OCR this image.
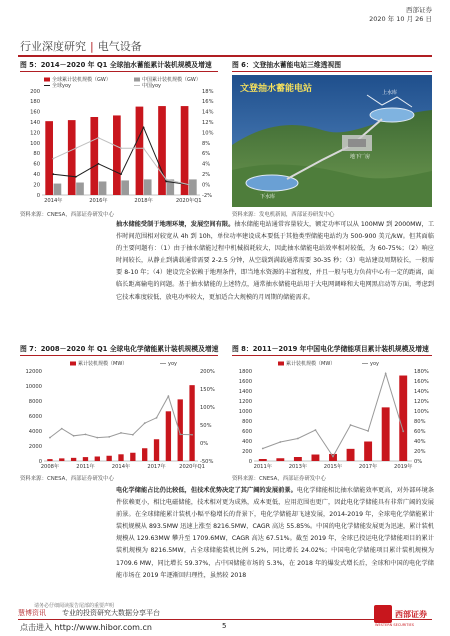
西部证券
2020 年 10 月 26 日
行业深度研究 | 电气设备
图 5：2014－2020 年 Q1 全球抽水蓄能累计装机规模及增速
0
20
40
60
80
100
120
140
160
180
200
-2%
0%
2%
4%
6%
8%
10%
12%
14%
16%
18%
2014年	2016年	2018年	2020年Q1
全球累计装机规模（GW）	中国累计装机规模（GW）
全球yoy	中国yoy
资料来源：CNESA，西部证券研发中心
图 6：文登抽水蓄能电站三维透视图
文登抽水蓄能电站	上水库
地下厂房
下水库
资料来源：发电机新闻，西部证券研发中心
抽水储能受制于地理环境，发展空间有限。抽水储能电站通常容量较大，额定功率可以从 100MW 到 2000MW，工作时间范围相对较宽从 4h 到 10h，单位功率建设成本要低于其他类型储能电站约为 500-900 美元/kW。但其面临的主要问题有：（1）由于抽水储能过程中机械损耗较大，因此抽水储能电站效率相对较低，为 60-75%；（2）响应时间较长，从静止到满载通常需要 2-2.5 分钟，从空载到满载通常需要 30-35 秒；（3）电站建设周期较长，一般需要 8-10 年；（4）建设完全依赖于地理条件，即当地水资源的丰富程度，并且一般与电力负荷中心有一定的距离，面临长距离输电的问题。基于抽水储能的上述特点，通常抽水储能电站用于大电网调峰和大电网黑启动等方面，考虑到它技术难度较低、放电功率较大，更加适合大规模的月周期的储能需求。
图 7：2008－2020 年 Q1 全球电化学储能累计装机规模及增速
0
2000
4000
6000
8000
10000
12000
-50%
0%
50%
100%
150%
200%
2008年	2011年	2014年	2017年	2020年Q1
累计装机规模（MW）	yoy
资料来源：CNESA，西部证券研发中心
图 8：2011－2019 年中国电化学储能项目累计装机规模及增速
0
200
400
600
800
1000
1200
1400
1600
1800
0%
20%
40%
60%
80%
100%
120%
140%
160%
180%
2011年	2013年	2015年	2017年	2019年
累计装机规模（MW）	yoy
资料来源：CNESA，西部证券研发中心
电化学储能占比仍比较低，但技术优势决定了其广阔的发展前景。电化学储能相比抽水储能效率更高，对外部环境条件依赖更小，相比电磁储能，技术相对更为成熟，成本更低，应用范围也更广，因此电化学储能具有非常广阔的发展前景。在全球储能累计装机小幅平稳增长的背景下，电化学储能却飞速发展，2014-2019 年，全球电化学储能累计装机规模从 893.5MW 迅速上涨至 8216.5MW，CAGR 高达 55.85%。中国的电化学储能发展更为迅速，累计装机规模从 129.63MW 攀升至 1709.6MW，CAGR 高达 67.51%。截至 2019 年，全球已投运电化学储能项目的累计装机规模为 8216.5MW，占全球储能装机比例 5.2%，同比增长 24.02%；中国电化学储能项目累计装机规模为 1709.6 MW，同比增长 59.37%，占中国储能市场的 5.3%，在 2018 年的爆发式增长后，全球和中国的电化学储能市场在 2019 年逐渐回归理性，虽然较 2018
请务必仔细阅读报告尾部的重要声明
慧博资讯 专业的投资研究大数据分享平台
点击进入 http://www.hibor.com.cn	5
西部证券
WESTERN SECURITIES
